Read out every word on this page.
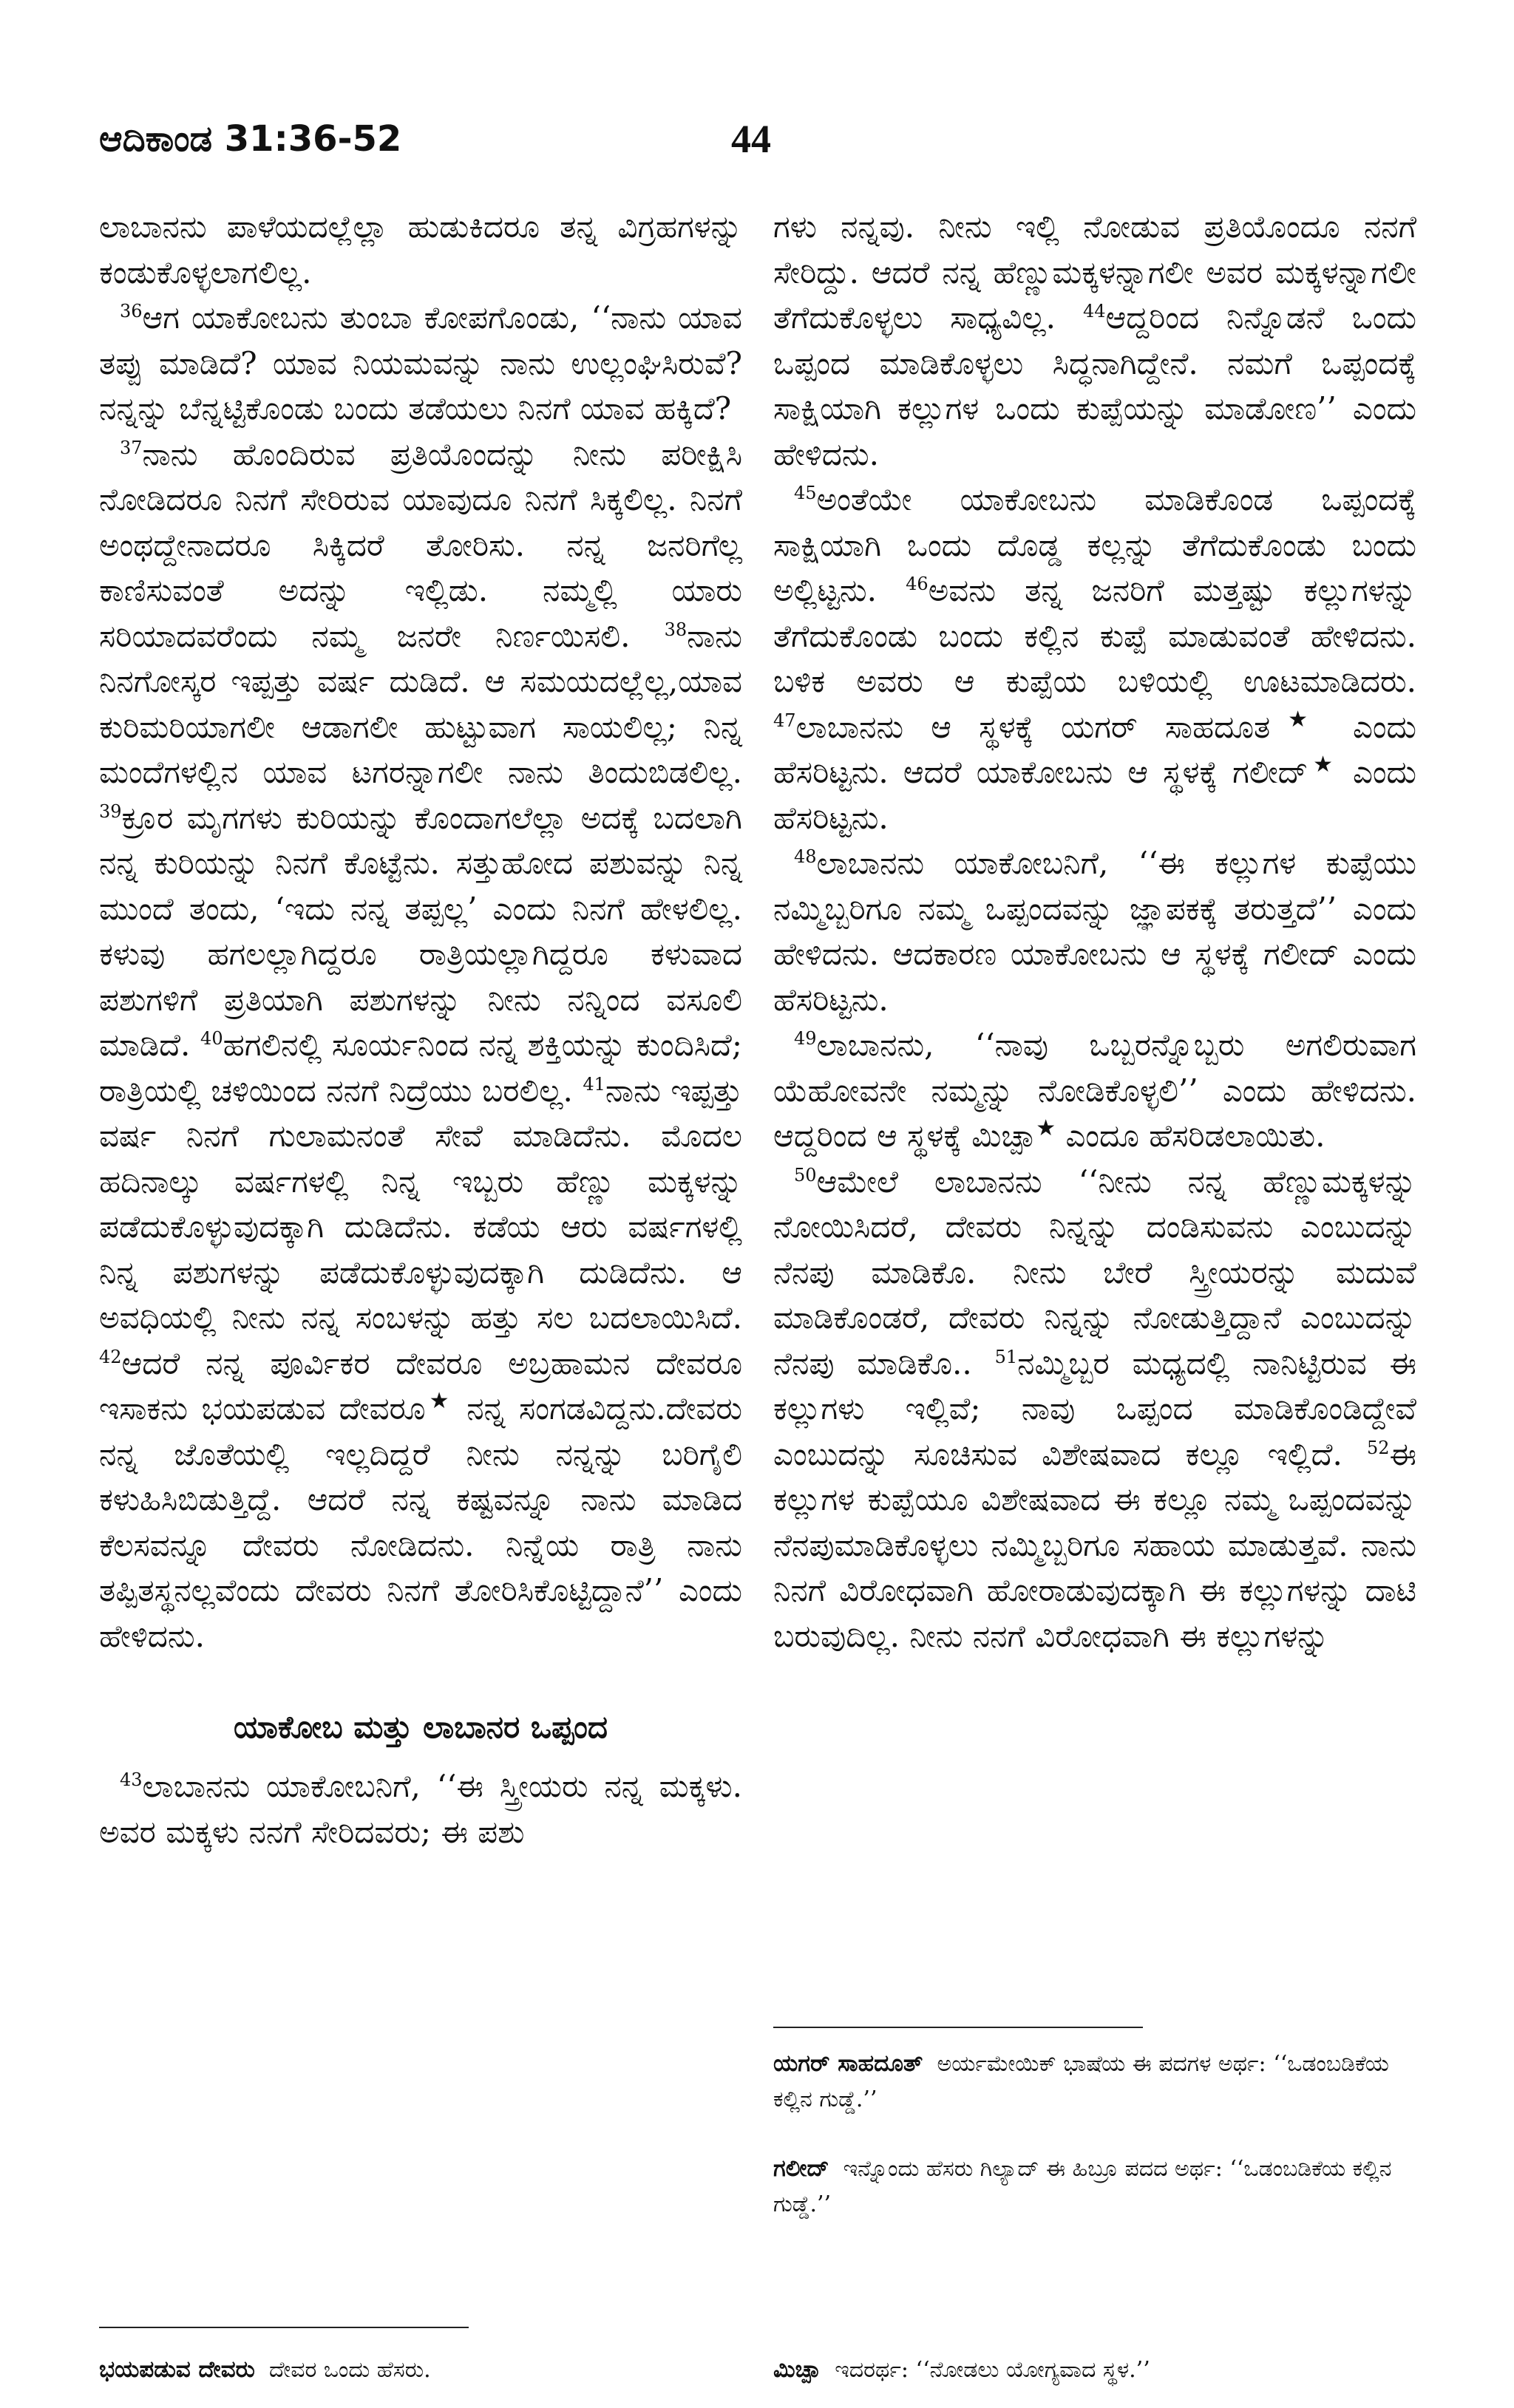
ಆದಿಕಾಂಡ 31:36-52	44

ಲಾಬಾನನು ಪಾಳೆಯದಲ್ಲೆಲ್ಲಾ ಹುಡುಕಿದರೂ ತನ್ನ ವಿಗ್ರಹಗಳನ್ನು ಕಂಡುಕೊಳ್ಳಲಾಗಲಿಲ್ಲ.

$^{36}$ಆಗ ಯಾಕೋಬನು ತುಂಬಾ ಕೋಪಗೊಂಡು, ‘‘ನಾನು ಯಾವ ತಪ್ಪು ಮಾಡಿದೆ? ಯಾವ ನಿಯಮವನ್ನು ನಾನು ಉಲ್ಲಂಘಿಸಿರುವೆ? ನನ್ನನ್ನು ಬೆನ್ನಟ್ಟಿಕೊಂಡು ಬಂದು ತಡೆಯಲು ನಿನಗೆ ಯಾವ ಹಕ್ಕಿದೆ?

$^{37}$ನಾನು ಹೊಂದಿರುವ ಪ್ರತಿಯೊಂದನ್ನು ನೀನು ಪರೀಕ್ಷಿಸಿ ನೋಡಿದರೂ ನಿನಗೆ ಸೇರಿರುವ ಯಾವುದೂ ನಿನಗೆ ಸಿಕ್ಕಲಿಲ್ಲ. ನಿನಗೆ ಅಂಥದ್ದೇನಾದರೂ ಸಿಕ್ಕಿದರೆ ತೋರಿಸು. ನನ್ನ ಜನರಿಗೆಲ್ಲ ಕಾಣಿಸುವಂತೆ ಅದನ್ನು ಇಲ್ಲಿಡು. ನಮ್ಮಲ್ಲಿ ಯಾರು ಸರಿಯಾದವರೆಂದು ನಮ್ಮ ಜನರೇ ನಿರ್ಣಯಿಸಲಿ. $^{38}$ನಾನು ನಿನಗೋಸ್ಕರ ಇಪ್ಪತ್ತು ವರ್ಷ ದುಡಿದೆ. ಆ ಸಮಯದಲ್ಲೆಲ್ಲ,ಯಾವ ಕುರಿಮರಿಯಾಗಲೀ ಆಡಾಗಲೀ ಹುಟ್ಟುವಾಗ ಸಾಯಲಿಲ್ಲ; ನಿನ್ನ ಮಂದೆಗಳಲ್ಲಿನ ಯಾವ ಟಗರನ್ನಾಗಲೀ ನಾನು ತಿಂದುಬಿಡಲಿಲ್ಲ. $^{39}$ಕ್ರೂರ ಮೃಗಗಳು ಕುರಿಯನ್ನು ಕೊಂದಾಗಲೆಲ್ಲಾ ಅದಕ್ಕೆ ಬದಲಾಗಿ ನನ್ನ ಕುರಿಯನ್ನು ನಿನಗೆ ಕೊಟ್ಟೆನು. ಸತ್ತುಹೋದ ಪಶುವನ್ನು ನಿನ್ನ ಮುಂದೆ ತಂದು, ‘ಇದು ನನ್ನ ತಪ್ಪಲ್ಲ’ ಎಂದು ನಿನಗೆ ಹೇಳಲಿಲ್ಲ. ಕಳುವು ಹಗಲಲ್ಲಾಗಿದ್ದರೂ ರಾತ್ರಿಯಲ್ಲಾಗಿದ್ದರೂ ಕಳುವಾದ ಪಶುಗಳಿಗೆ ಪ್ರತಿಯಾಗಿ ಪಶುಗಳನ್ನು ನೀನು ನನ್ನಿಂದ ವಸೂಲಿ ಮಾಡಿದೆ. $^{40}$ಹಗಲಿನಲ್ಲಿ ಸೂರ್ಯನಿಂದ ನನ್ನ ಶಕ್ತಿಯನ್ನು ಕುಂದಿಸಿದೆ; ರಾತ್ರಿಯಲ್ಲಿ ಚಳಿಯಿಂದ ನನಗೆ ನಿದ್ರೆಯು ಬರಲಿಲ್ಲ. $^{41}$ನಾನು ಇಪ್ಪತ್ತು ವರ್ಷ ನಿನಗೆ ಗುಲಾಮನಂತೆ ಸೇವೆ ಮಾಡಿದೆನು. ಮೊದಲ ಹದಿನಾಲ್ಕು ವರ್ಷಗಳಲ್ಲಿ ನಿನ್ನ ಇಬ್ಬರು ಹೆಣ್ಣು ಮಕ್ಕಳನ್ನು ಪಡೆದುಕೊಳ್ಳುವುದಕ್ಕಾಗಿ ದುಡಿದೆನು. ಕಡೆಯ ಆರು ವರ್ಷಗಳಲ್ಲಿ ನಿನ್ನ ಪಶುಗಳನ್ನು ಪಡೆದುಕೊಳ್ಳುವುದಕ್ಕಾಗಿ ದುಡಿದೆನು. ಆ ಅವಧಿಯಲ್ಲಿ ನೀನು ನನ್ನ ಸಂಬಳನ್ನು ಹತ್ತು ಸಲ ಬದಲಾಯಿಸಿದೆ. $^{42}$ಆದರೆ ನನ್ನ ಪೂರ್ವಿಕರ ದೇವರೂ ಅಬ್ರಹಾಮನ ದೇವರೂ ಇಸಾಕನು ಭಯಪಡುವ ದೇವರೂ★ ನನ್ನ ಸಂಗಡವಿದ್ದನು.ದೇವರು ನನ್ನ ಜೊತೆಯಲ್ಲಿ ಇಲ್ಲದಿದ್ದರೆ ನೀನು ನನ್ನನ್ನು ಬರಿಗೈಲಿ ಕಳುಹಿಸಿಬಿಡುತ್ತಿದ್ದೆ. ಆದರೆ ನನ್ನ ಕಷ್ಟವನ್ನೂ ನಾನು ಮಾಡಿದ ಕೆಲಸವನ್ನೂ ದೇವರು ನೋಡಿದನು. ನಿನ್ನೆಯ ರಾತ್ರಿ ನಾನು ತಪ್ಪಿತಸ್ಥನಲ್ಲವೆಂದು ದೇವರು ನಿನಗೆ ತೋರಿಸಿಕೊಟ್ಟಿದ್ದಾನೆ’’ ಎಂದು ಹೇಳಿದನು.

ಯಾಕೋಬ ಮತ್ತು ಲಾಬಾನರ ಒಪ್ಪಂದ

$^{43}$ಲಾಬಾನನು ಯಾಕೋಬನಿಗೆ, ‘‘ಈ ಸ್ತ್ರೀಯರು ನನ್ನ ಮಕ್ಕಳು. ಅವರ ಮಕ್ಕಳು ನನಗೆ ಸೇರಿದವರು; ಈ ಪಶು

ಗಳು ನನ್ನವು. ನೀನು ಇಲ್ಲಿ ನೋಡುವ ಪ್ರತಿಯೊಂದೂ ನನಗೆ ಸೇರಿದ್ದು. ಆದರೆ ನನ್ನ ಹೆಣ್ಣುಮಕ್ಕಳನ್ನಾಗಲೀ ಅವರ ಮಕ್ಕಳನ್ನಾಗಲೀ ತೆಗೆದುಕೊಳ್ಳಲು ಸಾಧ್ಯವಿಲ್ಲ. $^{44}$ಆದ್ದರಿಂದ ನಿನ್ನೊಡನೆ ಒಂದು ಒಪ್ಪಂದ ಮಾಡಿಕೊಳ್ಳಲು ಸಿದ್ಧನಾಗಿದ್ದೇನೆ. ನಮಗೆ ಒಪ್ಪಂದಕ್ಕೆ ಸಾಕ್ಷಿಯಾಗಿ ಕಲ್ಲುಗಳ ಒಂದು ಕುಪ್ಪೆಯನ್ನು ಮಾಡೋಣ’’ ಎಂದು ಹೇಳಿದನು.

$^{45}$ಅಂತೆಯೇ ಯಾಕೋಬನು ಮಾಡಿಕೊಂಡ ಒಪ್ಪಂದಕ್ಕೆ ಸಾಕ್ಷಿಯಾಗಿ ಒಂದು ದೊಡ್ಡ ಕಲ್ಲನ್ನು ತೆಗೆದುಕೊಂಡು ಬಂದು ಅಲ್ಲಿಟ್ಟನು. $^{46}$ಅವನು ತನ್ನ ಜನರಿಗೆ ಮತ್ತಷ್ಟು ಕಲ್ಲುಗಳನ್ನು ತೆಗೆದುಕೊಂಡು ಬಂದು ಕಲ್ಲಿನ ಕುಪ್ಪೆ ಮಾಡುವಂತೆ ಹೇಳಿದನು. ಬಳಿಕ ಅವರು ಆ ಕುಪ್ಪೆಯ ಬಳಿಯಲ್ಲಿ ಊಟಮಾಡಿದರು. $^{47}$ಲಾಬಾನನು ಆ ಸ್ಥಳಕ್ಕೆ ಯಗರ್ ಸಾಹದೂತ★ ಎಂದು ಹೆಸರಿಟ್ಟನು. ಆದರೆ ಯಾಕೋಬನು ಆ ಸ್ಥಳಕ್ಕೆ ಗಲೀದ್★ ಎಂದು ಹೆಸರಿಟ್ಟನು.

$^{48}$ಲಾಬಾನನು ಯಾಕೋಬನಿಗೆ, ‘‘ಈ ಕಲ್ಲುಗಳ ಕುಪ್ಪೆಯು ನಮ್ಮಿಬ್ಬರಿಗೂ ನಮ್ಮ ಒಪ್ಪಂದವನ್ನು ಜ್ಞಾಪಕಕ್ಕೆ ತರುತ್ತದೆ’’ ಎಂದು ಹೇಳಿದನು. ಆದಕಾರಣ ಯಾಕೋಬನು ಆ ಸ್ಥಳಕ್ಕೆ ಗಲೀದ್ ಎಂದು ಹೆಸರಿಟ್ಟನು.

$^{49}$ಲಾಬಾನನು, ‘‘ನಾವು ಒಬ್ಬರನ್ನೊಬ್ಬರು ಅಗಲಿರುವಾಗ ಯೆಹೋವನೇ ನಮ್ಮನ್ನು ನೋಡಿಕೊಳ್ಳಲಿ’’ ಎಂದು ಹೇಳಿದನು. ಆದ್ದರಿಂದ ಆ ಸ್ಥಳಕ್ಕೆ ಮಿಚ್ಪಾ★ ಎಂದೂ ಹೆಸರಿಡಲಾಯಿತು.

$^{50}$ಆಮೇಲೆ ಲಾಬಾನನು ‘‘ನೀನು ನನ್ನ ಹೆಣ್ಣುಮಕ್ಕಳನ್ನು ನೋಯಿಸಿದರೆ, ದೇವರು ನಿನ್ನನ್ನು ದಂಡಿಸುವನು ಎಂಬುದನ್ನು ನೆನಪು ಮಾಡಿಕೊ. ನೀನು ಬೇರೆ ಸ್ತ್ರೀಯರನ್ನು ಮದುವೆ ಮಾಡಿಕೊಂಡರೆ, ದೇವರು ನಿನ್ನನ್ನು ನೋಡುತ್ತಿದ್ದಾನೆ ಎಂಬುದನ್ನು ನೆನಪು ಮಾಡಿಕೊ.. $^{51}$ನಮ್ಮಿಬ್ಬರ ಮಧ್ಯದಲ್ಲಿ ನಾನಿಟ್ಟಿರುವ ಈ ಕಲ್ಲುಗಳು ಇಲ್ಲಿವೆ; ನಾವು ಒಪ್ಪಂದ ಮಾಡಿಕೊಂಡಿದ್ದೇವೆ ಎಂಬುದನ್ನು ಸೂಚಿಸುವ ವಿಶೇಷವಾದ ಕಲ್ಲೂ ಇಲ್ಲಿದೆ. $^{52}$ಈ ಕಲ್ಲುಗಳ ಕುಪ್ಪೆಯೂ ವಿಶೇಷವಾದ ಈ ಕಲ್ಲೂ ನಮ್ಮ ಒಪ್ಪಂದವನ್ನು ನೆನಪುಮಾಡಿಕೊಳ್ಳಲು ನಮ್ಮಿಬ್ಬರಿಗೂ ಸಹಾಯ ಮಾಡುತ್ತವೆ. ನಾನು ನಿನಗೆ ವಿರೋಧವಾಗಿ ಹೋರಾಡುವುದಕ್ಕಾಗಿ ಈ ಕಲ್ಲುಗಳನ್ನು ದಾಟಿ ಬರುವುದಿಲ್ಲ. ನೀನು ನನಗೆ ವಿರೋಧವಾಗಿ ಈ ಕಲ್ಲುಗಳನ್ನು

ಭಯಪಡುವ ದೇವರು ದೇವರ ಒಂದು ಹೆಸರು.
ಯಗರ್ ಸಾಹದೂತ್ ಅರ್ಯಮೇಯಿಕ್ ಭಾಷೆಯ ಈ ಪದಗಳ ಅರ್ಥ: ‘‘ಒಡಂಬಡಿಕೆಯ ಕಲ್ಲಿನ ಗುಡ್ಡೆ.’’
ಗಲೀದ್ ಇನ್ನೊಂದು ಹೆಸರು ಗಿಲ್ಯಾದ್ ಈ ಹಿಬ್ರೂ ಪದದ ಅರ್ಥ: ‘‘ಒಡಂಬಡಿಕೆಯ ಕಲ್ಲಿನ ಗುಡ್ಡೆ.’’
ಮಿಚ್ಪಾ ಇದರರ್ಥ: ‘‘ನೋಡಲು ಯೋಗ್ಯವಾದ ಸ್ಥಳ.’’
